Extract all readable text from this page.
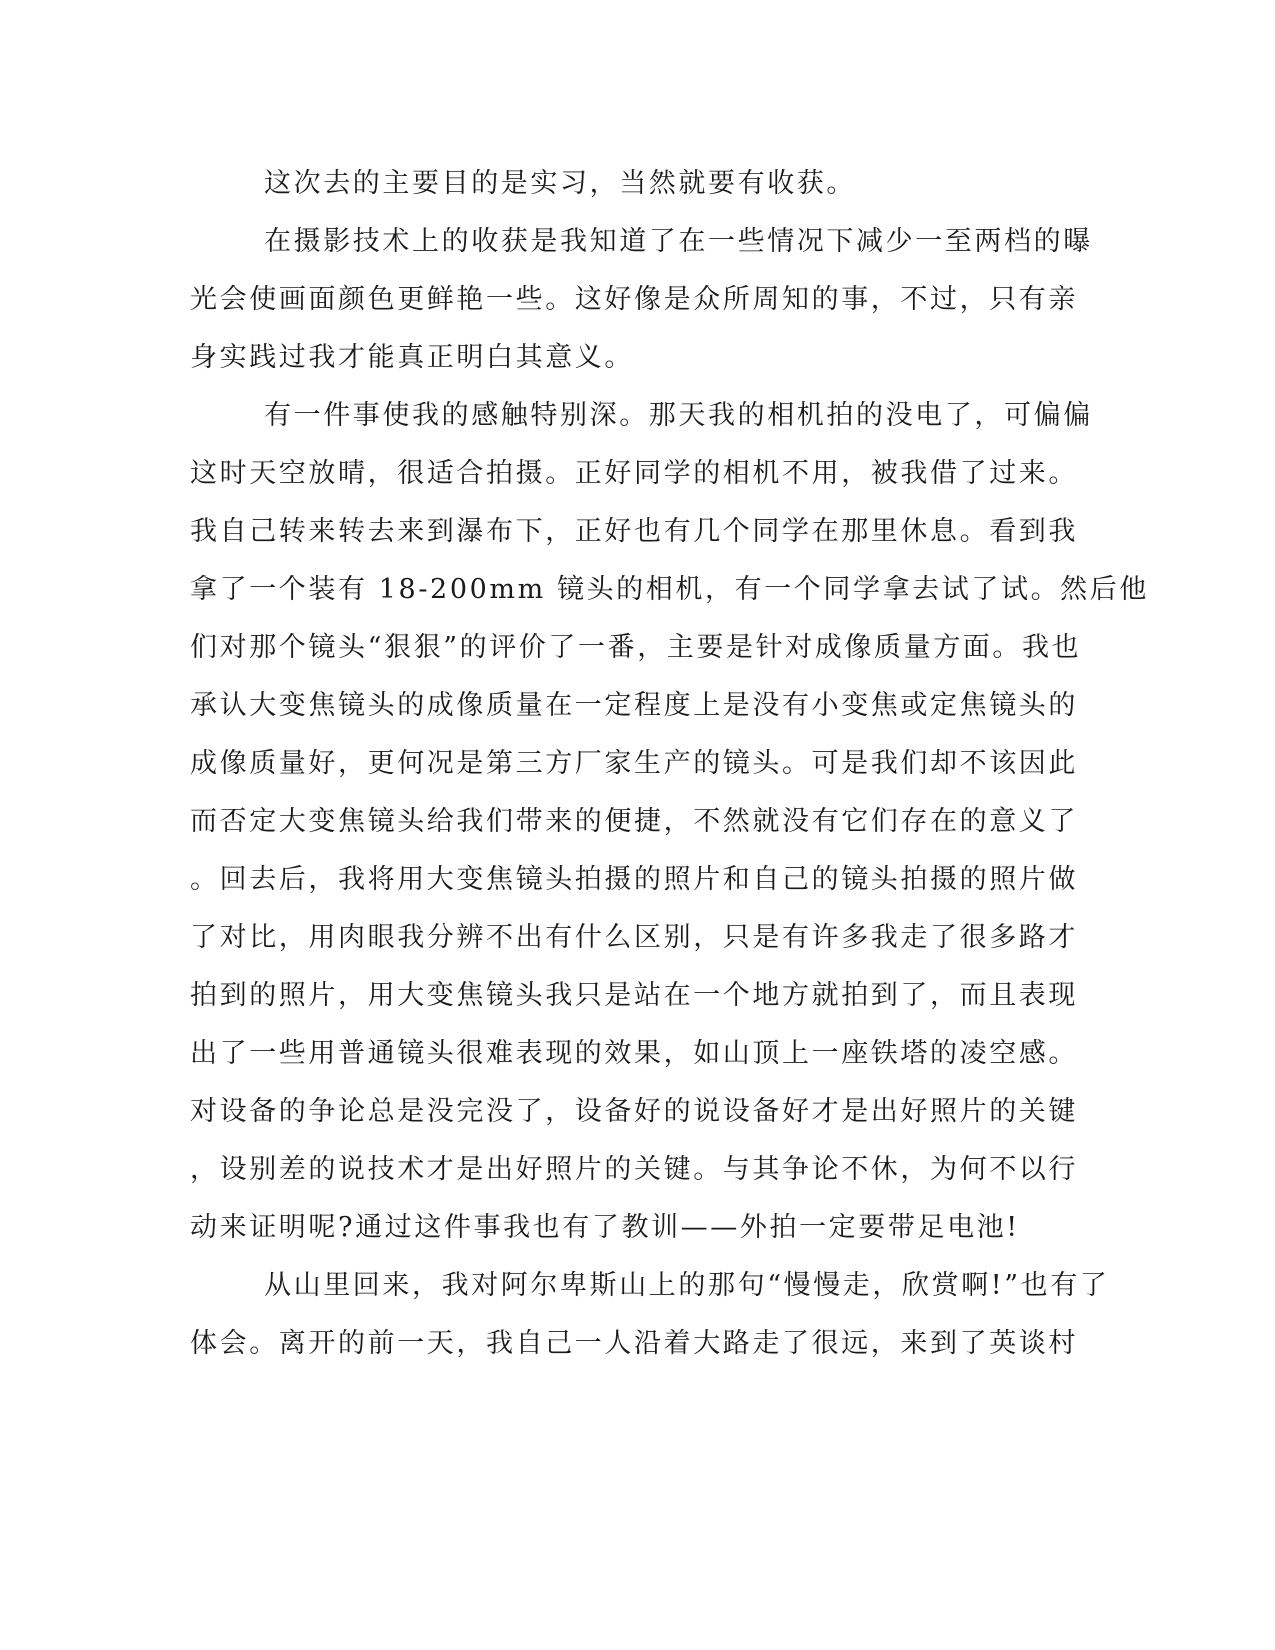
这次去的主要目的是实习，当然就要有收获。
在摄影技术上的收获是我知道了在一些情况下减少一至两档的曝
光会使画面颜色更鲜艳一些。这好像是众所周知的事，不过，只有亲
身实践过我才能真正明白其意义。
有一件事使我的感触特别深。那天我的相机拍的没电了，可偏偏
这时天空放晴，很适合拍摄。正好同学的相机不用，被我借了过来。
我自己转来转去来到瀑布下，正好也有几个同学在那里休息。看到我
拿了一个装有 18-200mm 镜头的相机，有一个同学拿去试了试。然后他
们对那个镜头“狠狠”的评价了一番，主要是针对成像质量方面。我也
承认大变焦镜头的成像质量在一定程度上是没有小变焦或定焦镜头的
成像质量好，更何况是第三方厂家生产的镜头。可是我们却不该因此
而否定大变焦镜头给我们带来的便捷，不然就没有它们存在的意义了
。回去后，我将用大变焦镜头拍摄的照片和自己的镜头拍摄的照片做
了对比，用肉眼我分辨不出有什么区别，只是有许多我走了很多路才
拍到的照片，用大变焦镜头我只是站在一个地方就拍到了，而且表现
出了一些用普通镜头很难表现的效果，如山顶上一座铁塔的凌空感。
对设备的争论总是没完没了，设备好的说设备好才是出好照片的关键
，设别差的说技术才是出好照片的关键。与其争论不休，为何不以行
动来证明呢?通过这件事我也有了教训——外拍一定要带足电池!
从山里回来，我对阿尔卑斯山上的那句“慢慢走，欣赏啊!”也有了
体会。离开的前一天，我自己一人沿着大路走了很远，来到了英谈村
